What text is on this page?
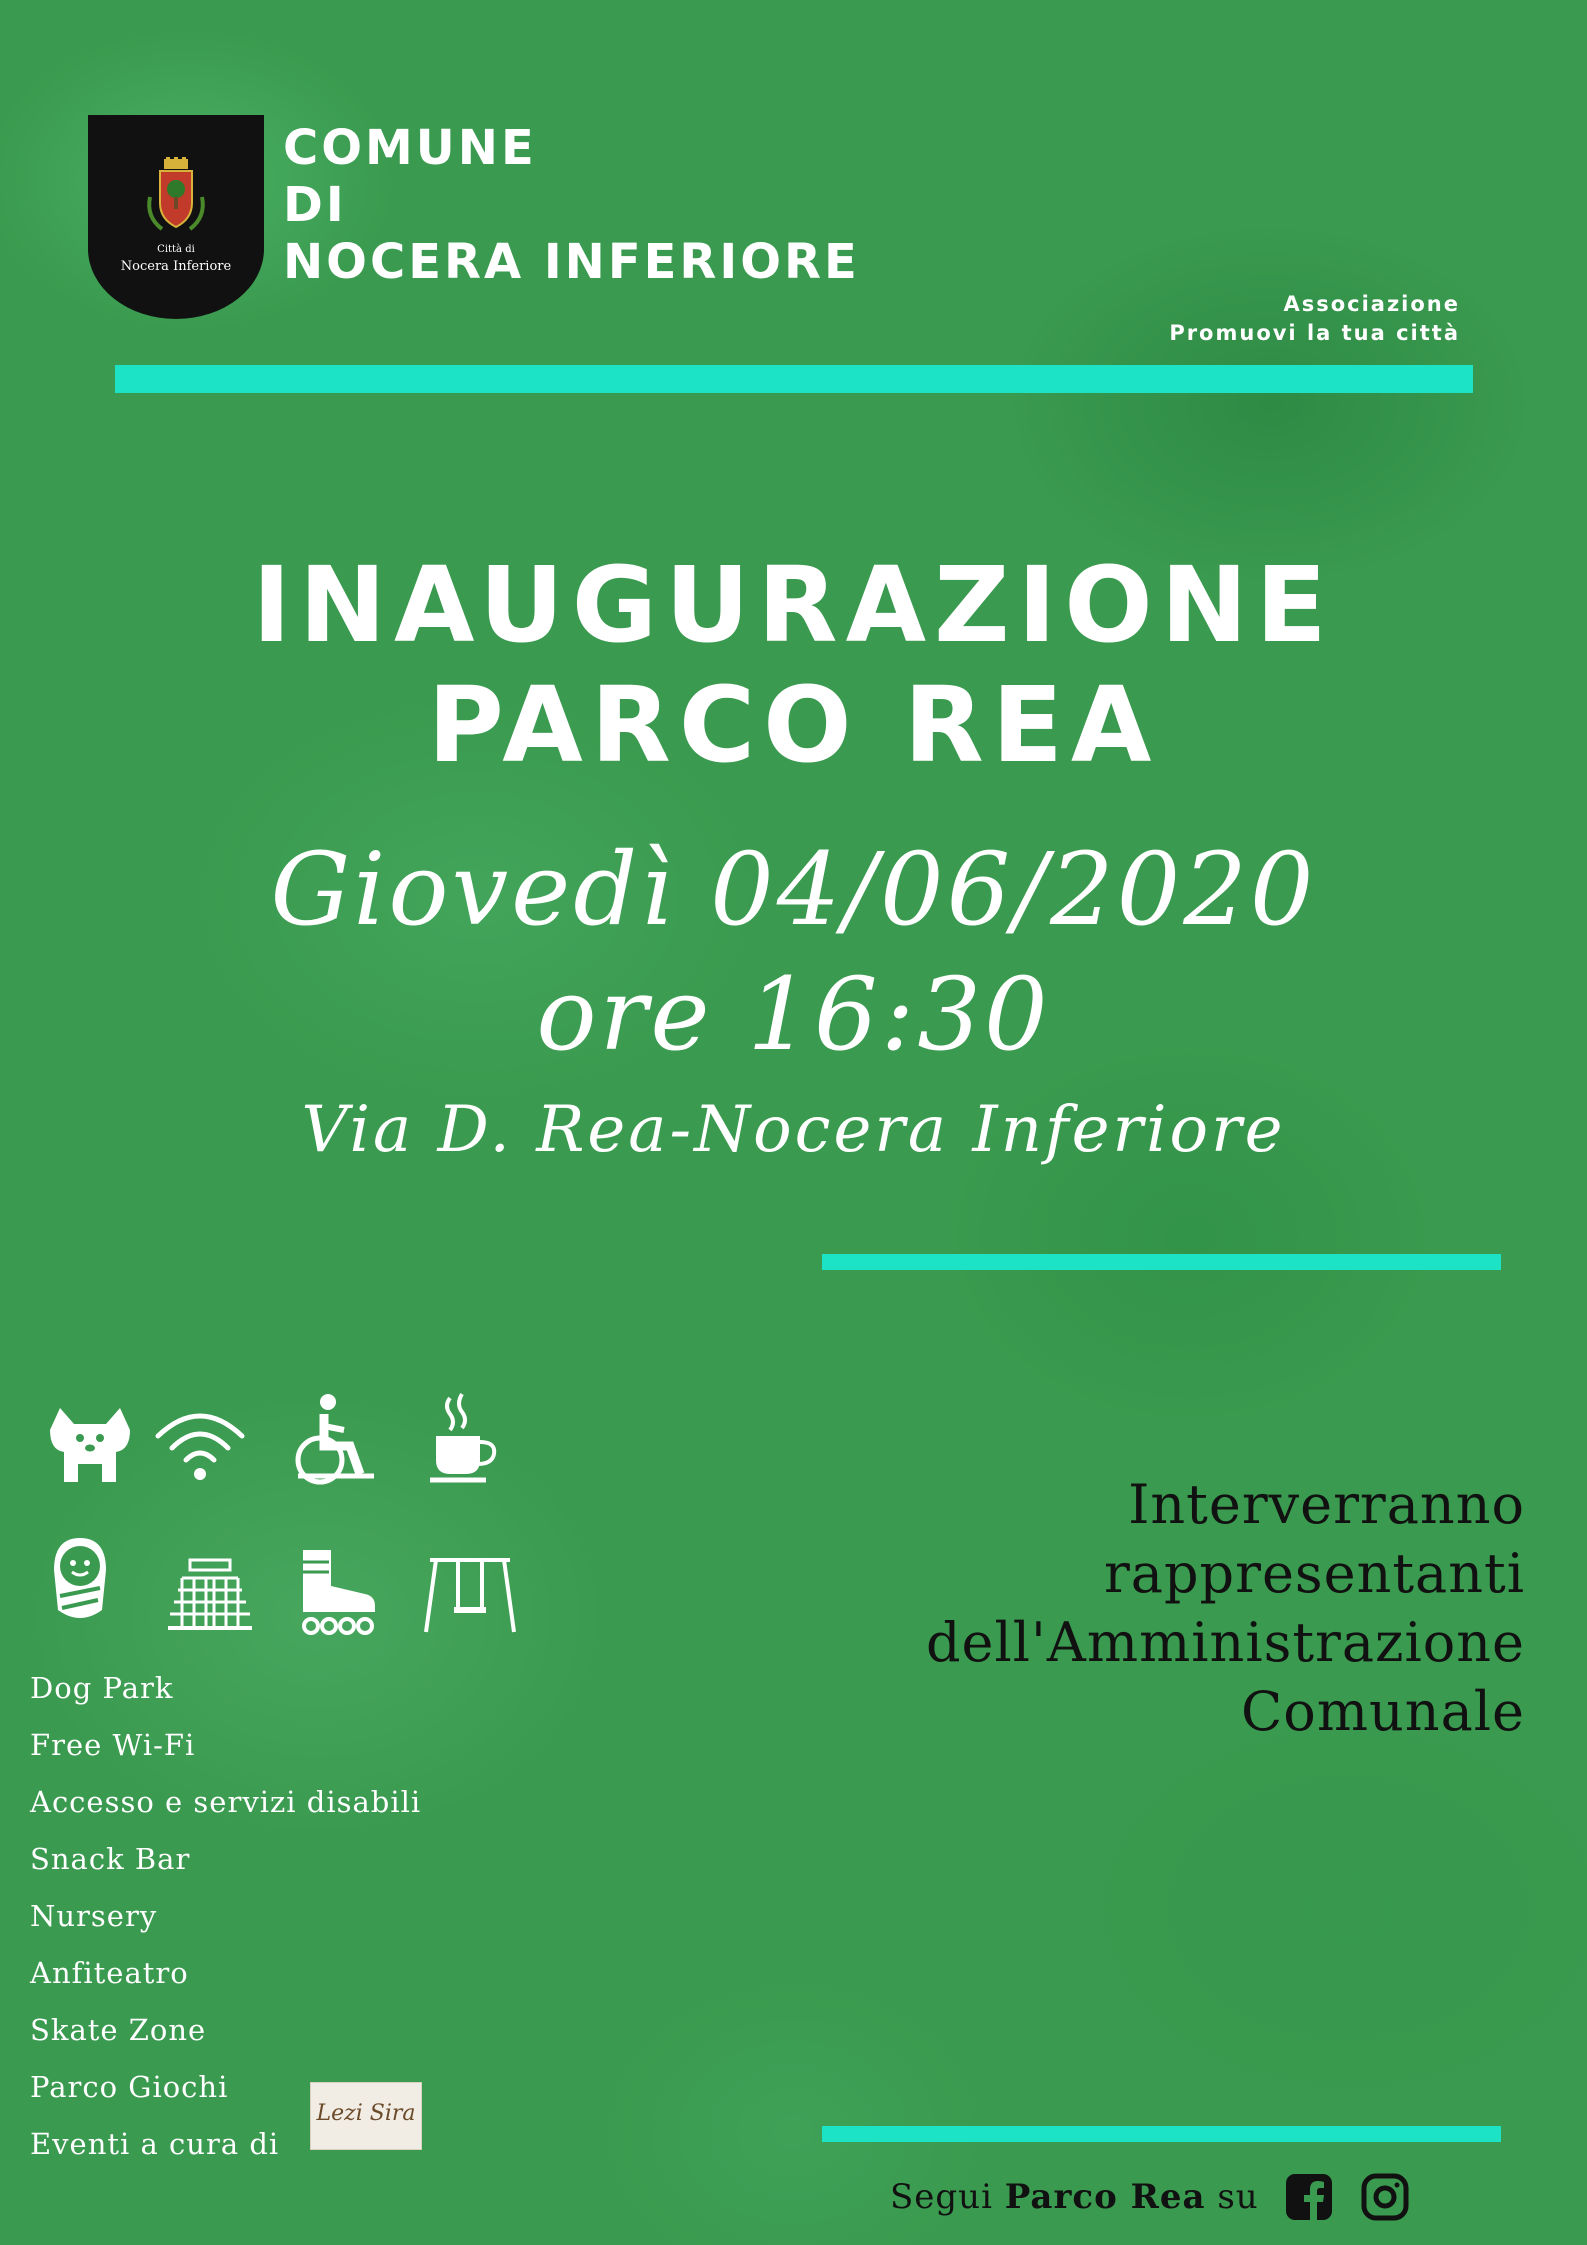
Città di
Nocera Inferiore
COMUNE
DI
NOCERA INFERIORE
Associazione
Promuovi la tua città
INAUGURAZIONE
PARCO REA
Giovedì 04/06/2020
ore 16:30
Via D. Rea-Nocera Inferiore
Dog Park
Free Wi-Fi
Accesso e servizi disabili
Snack Bar
Nursery
Anfiteatro
Skate Zone
Parco Giochi
Eventi a cura di
Lezi Sira
Interverranno
rappresentanti
dell'Amministrazione
Comunale
Segui Parco Rea su
